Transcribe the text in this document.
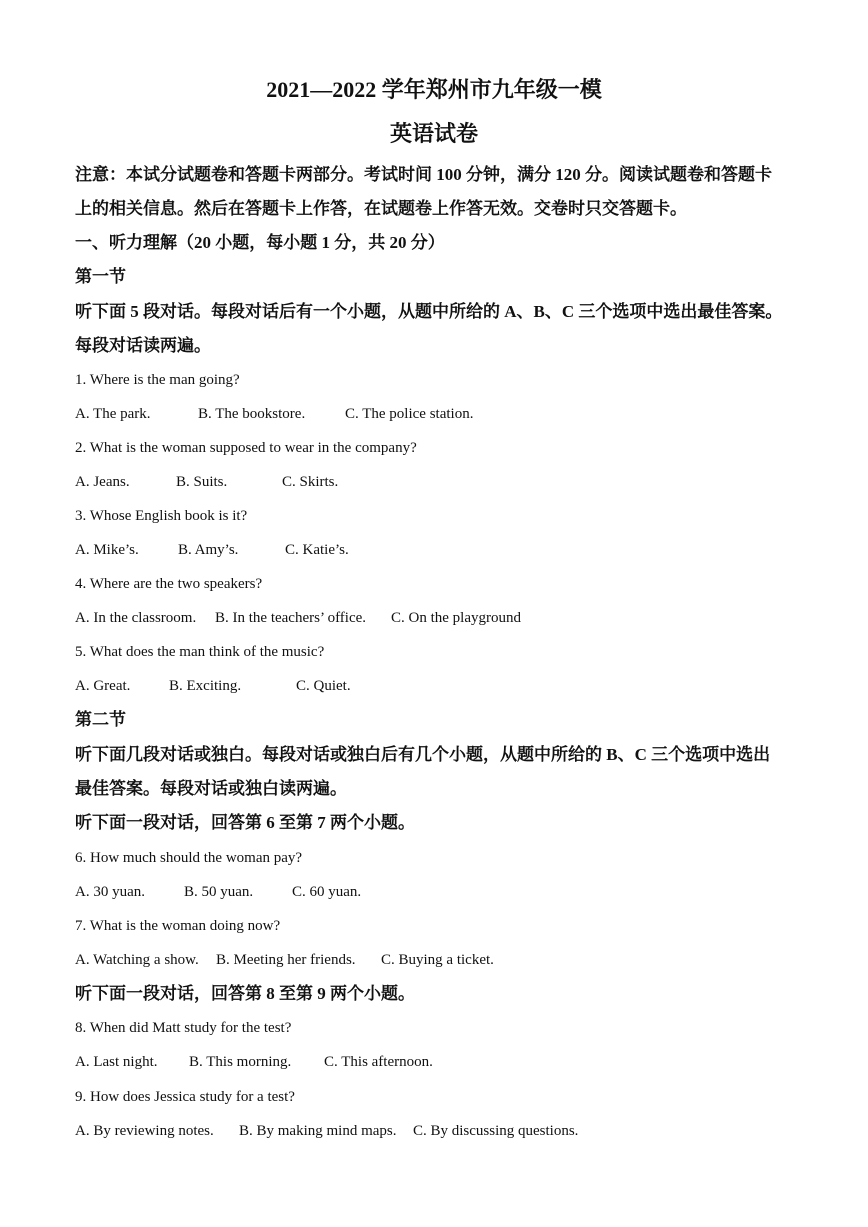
2021—2022 学年郑州市九年级一模
英语试卷
注意：本试分试题卷和答题卡两部分。考试时间 100 分钟，满分 120 分。阅读试题卷和答题卡
上的相关信息。然后在答题卡上作答，在试题卷上作答无效。交卷时只交答题卡。
一、听力理解（20 小题，每小题 1 分，共 20 分）
第一节
听下面 5 段对话。每段对话后有一个小题，从题中所给的 A、B、C 三个选项中选出最佳答案。
每段对话读两遍。
1. Where is the man going?
A. The park.	B. The bookstore.	C. The police station.
2. What is the woman supposed to wear in the company?
A. Jeans.	B. Suits.	C. Skirts.
3. Whose English book is it?
A. Mike’s.	B. Amy’s.	C. Katie’s.
4. Where are the two speakers?
A. In the classroom. B. In the teachers’ office. C. On the playground
5. What does the man think of the music?
A. Great.	B. Exciting.	C. Quiet.
第二节
听下面几段对话或独白。每段对话或独白后有几个小题，从题中所给的 B、C 三个选项中选出
最佳答案。每段对话或独白读两遍。
听下面一段对话，回答第 6 至第 7 两个小题。
6. How much should the woman pay?
A. 30 yuan.	B. 50 yuan.	C. 60 yuan.
7. What is the woman doing now?
A. Watching a show. B. Meeting her friends. C. Buying a ticket.
听下面一段对话，回答第 8 至第 9 两个小题。
8. When did Matt study for the test?
A. Last night. B. This morning. C. This afternoon.
9. How does Jessica study for a test?
A. By reviewing notes. B. By making mind maps. C. By discussing questions.
